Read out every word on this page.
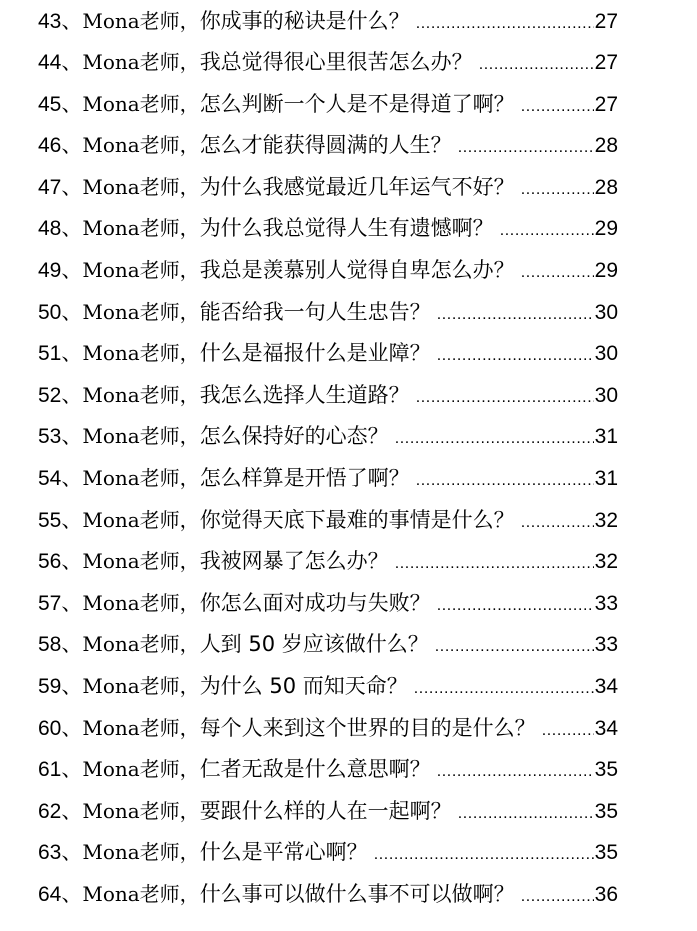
43 、 Mona老师， 你成事的秘诀是什么？ .....	27
44 、 Mona老师， 我总觉得很心里很苦怎么办？ .....	27
45 、 Mona老师， 怎么判断一个人是不是得道了啊？ .....	27
46 、 Mona老师， 怎么才能获得圆满的人生？ .....	28
47 、 Mona老师， 为什么我感觉最近几年运气不好？ .....	28
48 、 Mona老师， 为什么我总觉得人生有遗憾啊？ .....	29
49 、 Mona老师， 我总是羡慕别人觉得自卑怎么办？ .....	29
50 、 Mona老师， 能否给我一句人生忠告？ .....	30
51 、 Mona老师， 什么是福报什么是业障？ .....	30
52 、 Mona老师， 我怎么选择人生道路？ .....	30
53 、 Mona老师， 怎么保持好的心态？ .....	31
54 、 Mona老师， 怎么样算是开悟了啊？ .....	31
55 、 Mona老师， 你觉得天底下最难的事情是什么？ .....	32
56 、 Mona老师， 我被网暴了怎么办？ .....	32
57 、 Mona老师， 你怎么面对成功与失败？ .....	33
58 、 Mona老师， 人到 50 岁应该做什么？ .....	33
59 、 Mona老师， 为什么 50 而知天命？ .....	34
60 、 Mona老师， 每个人来到这个世界的目的是什么？ .....	34
61 、 Mona老师， 仁者无敌是什么意思啊？ .....	35
62 、 Mona老师， 要跟什么样的人在一起啊？ .....	35
63 、 Mona老师， 什么是平常心啊？ .....	35
64 、 Mona老师， 什么事可以做什么事不可以做啊？ .....	36
